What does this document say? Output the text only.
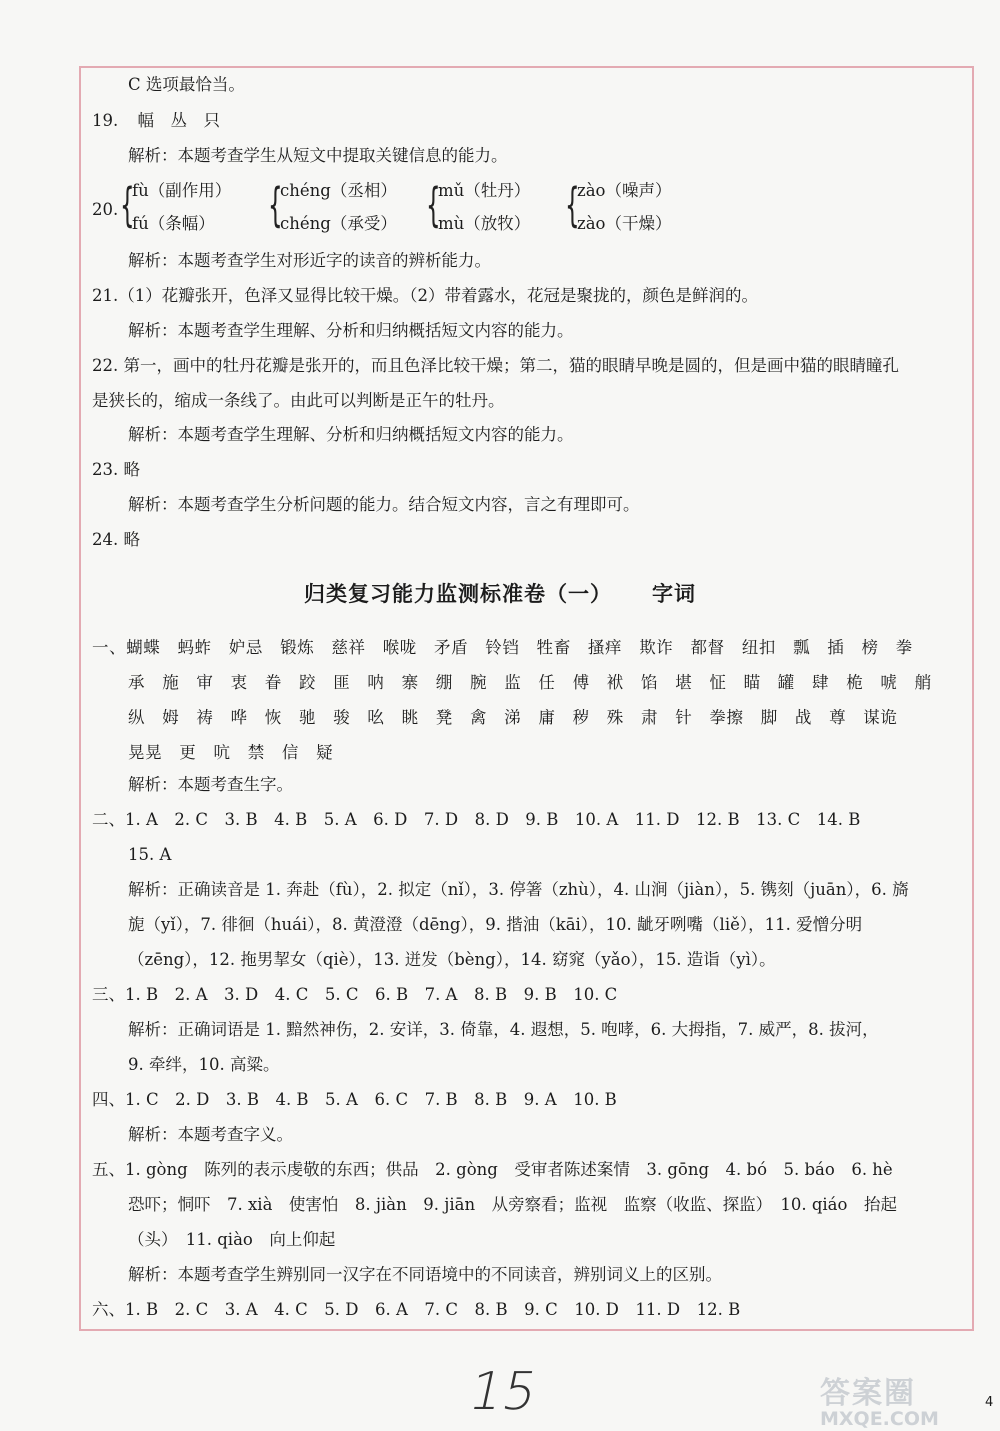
C 选项最恰当。
19. 幅　丛　只
解析：本题考查学生从短文中提取关键信息的能力。
20. {
fù（副作用）
fú（条幅） {
chéng（丞相）
chéng（承受） {
mǔ（牡丹）
mù（放牧） {
zào（噪声）
zào（干燥）
解析：本题考查学生对形近字的读音的辨析能力。
21.（1）花瓣张开，色泽又显得比较干燥。（2）带着露水，花冠是聚拢的，颜色是鲜润的。
解析：本题考查学生理解、分析和归纳概括短文内容的能力。
22. 第一，画中的牡丹花瓣是张开的，而且色泽比较干燥；第二，猫的眼睛早晚是圆的，但是画中猫的眼睛瞳孔
是狭长的，缩成一条线了。由此可以判断是正午的牡丹。
解析：本题考查学生理解、分析和归纳概括短文内容的能力。
23. 略
解析：本题考查学生分析问题的能力。结合短文内容，言之有理即可。
24. 略
归类复习能力监测标准卷（一） 字词
一、蝴蝶　蚂蚱　妒忌　锻炼　慈祥　喉咙　矛盾　铃铛　牲畜　搔痒　欺诈　都督　纽扣　瓢　插　榜　拳
承　施　审　衷　眷　跤　匪　呐　寨　绷　腕　监　任　傅　袱　馅　堪　怔　瞄　罐　肆　桅　唬　艄
纵　姆　祷　哗　恢　驰　骏　吆　眺　凳　禽　涕　庸　秽　殊　肃　针　拳擦　脚　战　尊　谋诡
晃晃　更　吭　禁　信　疑
解析：本题考查生字。
二、1. A　2. C　3. B　4. B　5. A　6. D　7. D　8. D　9. B　10. A　11. D　12. B　13. C　14. B
15. A
解析：正确读音是 1. 奔赴（fù），2. 拟定（nǐ），3. 停箸（zhù），4. 山涧（jiàn），5. 镌刻（juān），6. 旖
旎（yǐ），7. 徘徊（huái），8. 黄澄澄（dēng），9. 揩油（kāi），10. 龇牙咧嘴（liě），11. 爱憎分明
（zēng），12. 拖男挈女（qiè），13. 迸发（bèng），14. 窈窕（yǎo），15. 造诣（yì）。
三、1. B　2. A　3. D　4. C　5. C　6. B　7. A　8. B　9. B　10. C
解析：正确词语是 1. 黯然神伤，2. 安详，3. 倚靠，4. 遐想，5. 咆哮，6. 大拇指，7. 威严，8. 拔河，
9. 牵绊，10. 高粱。
四、1. C　2. D　3. B　4. B　5. A　6. C　7. B　8. B　9. A　10. B
解析：本题考查字义。
五、1. gòng　陈列的表示虔敬的东西；供品　2. gòng　受审者陈述案情　3. gōng　4. bó　5. báo　6. hè
恐吓；恫吓　7. xià　使害怕　8. jiàn　9. jiān　从旁察看；监视　监察（收监、探监）　10. qiáo　抬起
（头）　11. qiào　向上仰起
解析：本题考查学生辨别同一汉字在不同语境中的不同读音，辨别词义上的区别。
六、1. B　2. C　3. A　4. C　5. D　6. A　7. C　8. B　9. C　10. D　11. D　12. B
15	4
答案圈
MXQE.COM
